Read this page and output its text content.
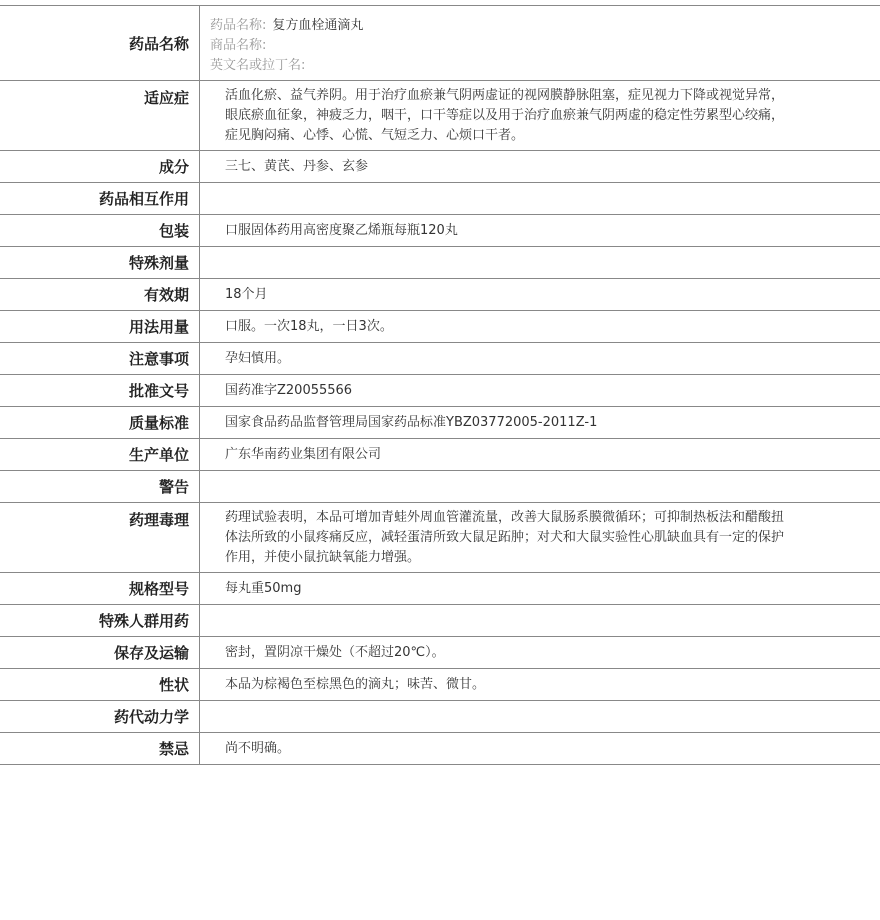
药品名称
药品名称: 复方血栓通滴丸
商品名称:
英文名或拉丁名:
适应症	活血化瘀、益气养阴。用于治疗血瘀兼气阴两虚证的视网膜静脉阻塞，症见视力下降或视觉异常，眼底瘀血征象，神疲乏力，咽干，口干等症以及用于治疗血瘀兼气阴两虚的稳定性劳累型心绞痛，症见胸闷痛、心悸、心慌、气短乏力、心烦口干者。
成分	三七、黄芪、丹参、玄参
药品相互作用
包装	口服固体药用高密度聚乙烯瓶每瓶120丸
特殊剂量
有效期	18个月
用法用量	口服。一次18丸，一日3次。
注意事项	孕妇慎用。
批准文号	国药准字Z20055566
质量标准	国家食品药品监督管理局国家药品标准YBZ03772005-2011Z-1
生产单位	广东华南药业集团有限公司
警告
药理毒理	药理试验表明，本品可增加青蛙外周血管灌流量，改善大鼠肠系膜微循环；可抑制热板法和醋酸扭体法所致的小鼠疼痛反应，减轻蛋清所致大鼠足跖肿；对犬和大鼠实验性心肌缺血具有一定的保护作用，并使小鼠抗缺氧能力增强。
规格型号	每丸重50mg
特殊人群用药
保存及运输	密封，置阴凉干燥处（不超过20℃）。
性状	本品为棕褐色至棕黑色的滴丸；味苦、微甘。
药代动力学
禁忌	尚不明确。
